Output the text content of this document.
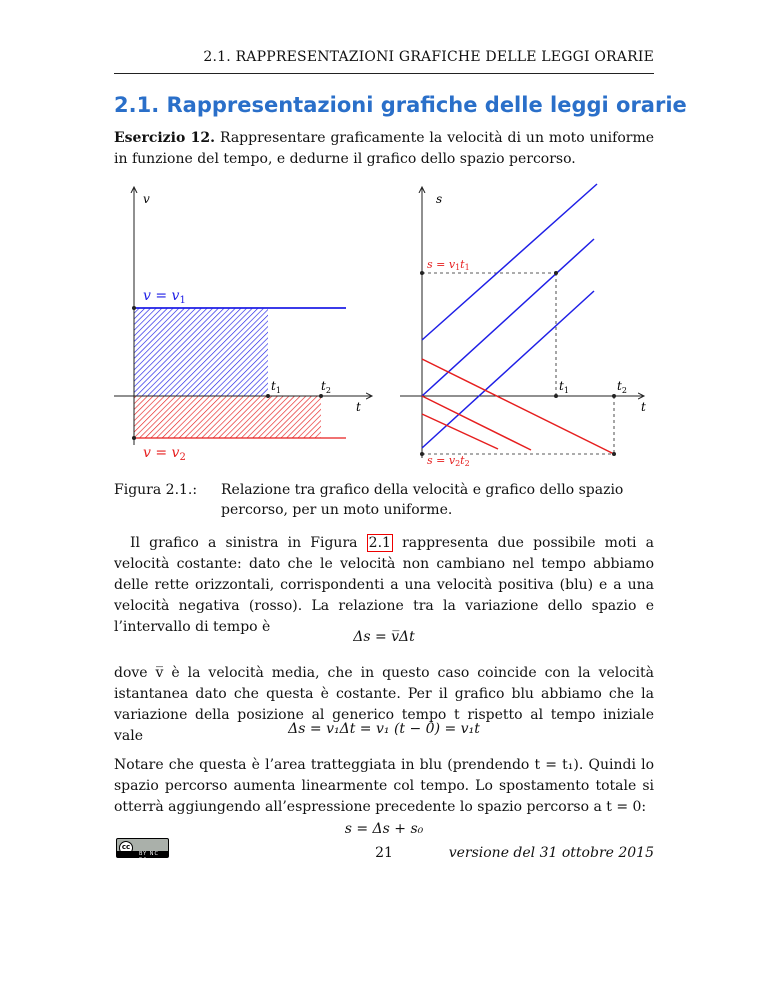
2.1. RAPPRESENTAZIONI GRAFICHE DELLE LEGGI ORARIE
2.1. Rappresentazioni grafiche delle leggi orarie

Esercizio 12. Rappresentare graficamente la velocità di un moto uniforme in funzione del tempo, e dedurne il grafico dello spazio percorso.

v
t
$v = v_1$
$v = v_2$
$t_1$	$t_2$
s
t
s = v1t1
s = v2t2
$t_1$	$t_2$
Figura 2.1.:	Relazione tra grafico della velocità e grafico dello spazio percorso, per un moto uniforme.

Il grafico a sinistra in Figura 2.1 rappresenta due possibile moti a velocità costante: dato che le velocità non cambiano nel tempo abbiamo delle rette orizzontali, corrispondenti a una velocità positiva (blu) e a una velocità negativa (rosso). La relazione tra la variazione dello spazio e l’intervallo di tempo è

Δs = v̅Δt

dove v̅ è la velocità media, che in questo caso coincide con la velocità istantanea dato che questa è costante. Per il grafico blu abbiamo che la variazione della posizione al generico tempo t rispetto al tempo iniziale vale	Δs = v₁Δt = v₁ (t − 0) = v₁t

Notare che questa è l’area tratteggiata in blu (prendendo t = t₁). Quindi lo spazio percorso aumenta linearmente col tempo. Lo spostamento totale si otterrà aggiungendo all’espressione precedente lo spazio percorso a t = 0:

s = Δs + s₀
cc
BY NC SA	21	versione del 31 ottobre 2015
